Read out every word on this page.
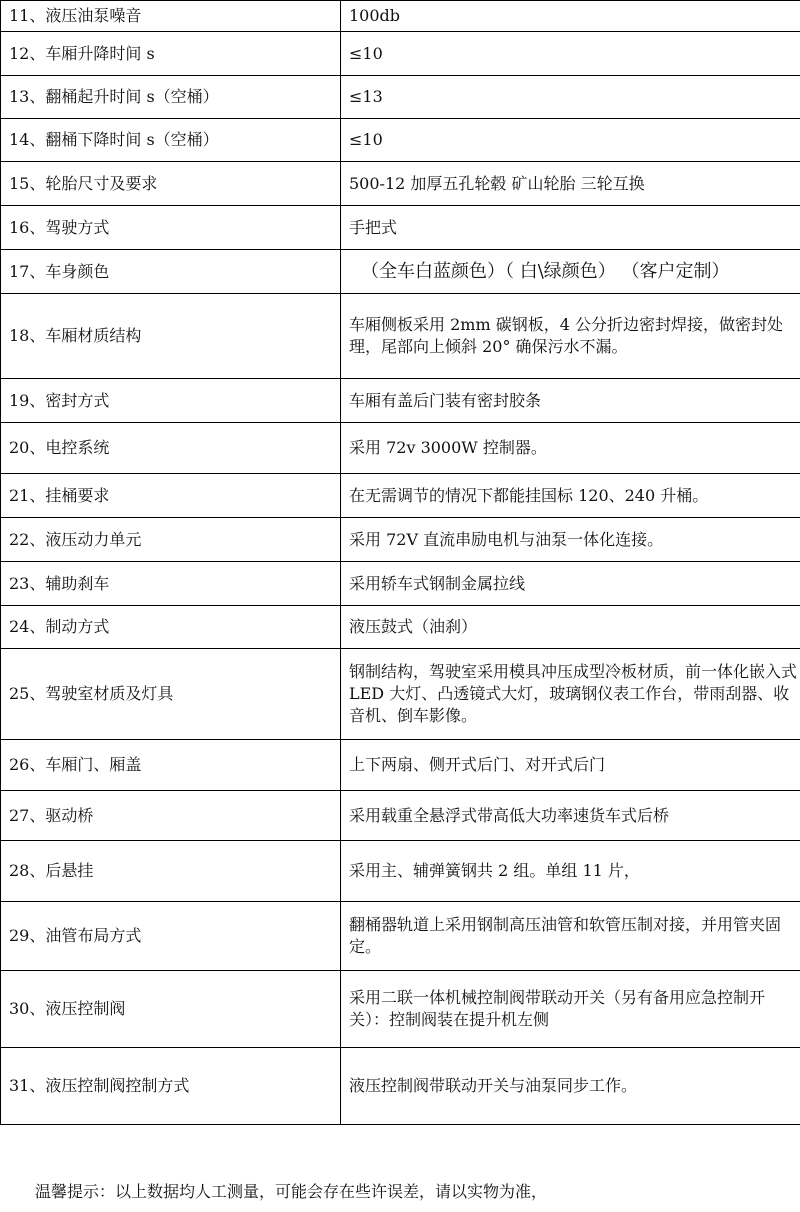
11、液压油泵噪音	100db
12、车厢升降时间 s	≤10
13、翻桶起升时间 s（空桶）	≤13
14、翻桶下降时间 s（空桶）	≤10
15、轮胎尺寸及要求	500-12 加厚五孔轮毂 矿山轮胎 三轮互换
16、驾驶方式	手把式
17、车身颜色	（全车白蓝颜色）（ 白\绿颜色） （客户定制）
18、车厢材质结构	车厢侧板采用 2mm 碳钢板，4 公分折边密封焊接，做密封处理，尾部向上倾斜 20° 确保污水不漏。
19、密封方式	车厢有盖后门装有密封胶条
20、电控系统	采用 72v 3000W 控制器。
21、挂桶要求	在无需调节的情况下都能挂国标 120、240 升桶。
22、液压动力单元	采用 72V 直流串励电机与油泵一体化连接。
23、辅助刹车	采用轿车式钢制金属拉线
24、制动方式	液压鼓式（油刹）
25、驾驶室材质及灯具	钢制结构，驾驶室采用模具冲压成型冷板材质，前一体化嵌入式 LED 大灯、凸透镜式大灯，玻璃钢仪表工作台，带雨刮器、收音机、倒车影像。
26、车厢门、厢盖	上下两扇、侧开式后门、对开式后门
27、驱动桥	采用载重全悬浮式带高低大功率速货车式后桥
28、后悬挂	采用主、辅弹簧钢共 2 组。单组 11 片，
29、油管布局方式	翻桶器轨道上采用钢制高压油管和软管压制对接，并用管夹固定。
30、液压控制阀	采用二联一体机械控制阀带联动开关（另有备用应急控制开关）：控制阀装在提升机左侧
31、液压控制阀控制方式	液压控制阀带联动开关与油泵同步工作。
温馨提示：以上数据均人工测量，可能会存在些许误差，请以实物为准，
